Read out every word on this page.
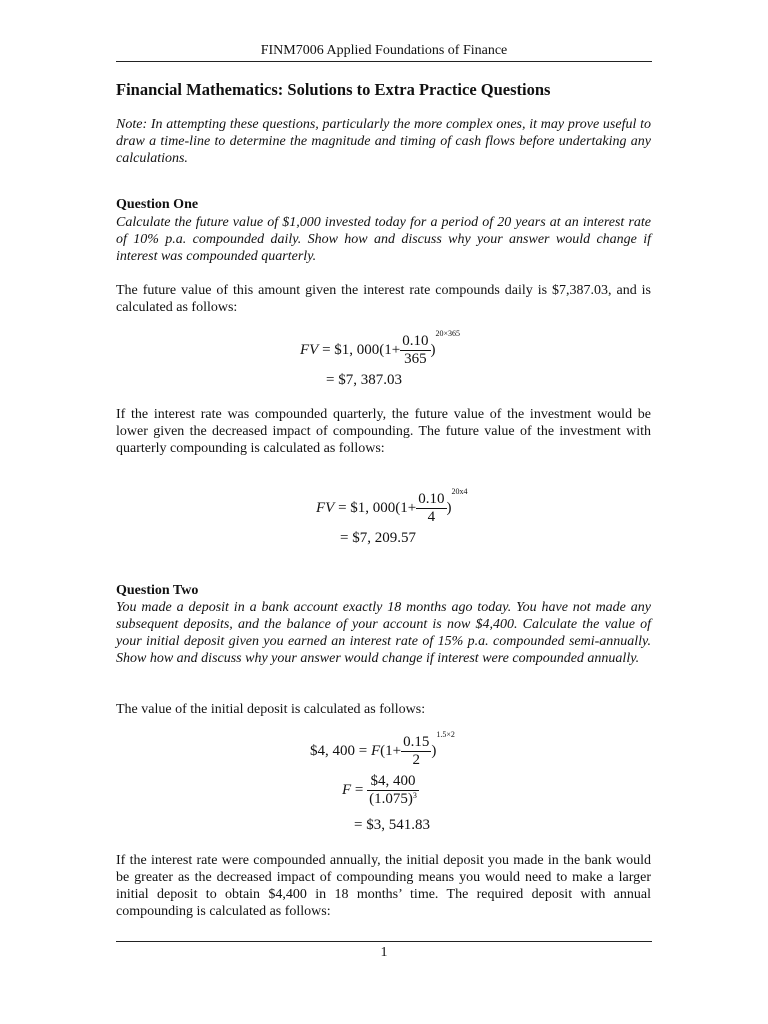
FINM7006 Applied Foundations of Finance
Financial Mathematics: Solutions to Extra Practice Questions
Note: In attempting these questions, particularly the more complex ones, it may prove useful to draw a time-line to determine the magnitude and timing of cash flows before undertaking any calculations.
Question One
Calculate the future value of $1,000 invested today for a period of 20 years at an interest rate of 10% p.a. compounded daily. Show how and discuss why your answer would change if interest was compounded quarterly.
The future value of this amount given the interest rate compounds daily is $7,387.03, and is calculated as follows:
FV = $1, $000(1+ \frac{0.10}{365} )^{20\times 365}$
= $7, 387.03
If the interest rate was compounded quarterly, the future value of the investment would be lower given the decreased impact of compounding. The future value of the investment with quarterly compounding is calculated as follows:
FV = $1, $000(1+ \frac{0.10}{4} )^{20x4}$
= $7, 209.57
Question Two
You made a deposit in a bank account exactly 18 months ago today. You have not made any subsequent deposits, and the balance of your account is now $4,400. Calculate the value of your initial deposit given you earned an interest rate of 15% p.a. compounded semi-annually. Show how and discuss why your answer would change if interest were compounded annually.
The value of the initial deposit is calculated as follows:
$4, $400 = F(1+ \frac{0.15}{2} )^{1.5\times 2}$
$F = \frac{\$4, 400}{(1.075)^3}$
= $3, 541.83
If the interest rate were compounded annually, the initial deposit you made in the bank would be greater as the decreased impact of compounding means you would need to make a larger initial deposit to obtain $4,400 in 18 months’ time. The required deposit with annual compounding is calculated as follows:
1
